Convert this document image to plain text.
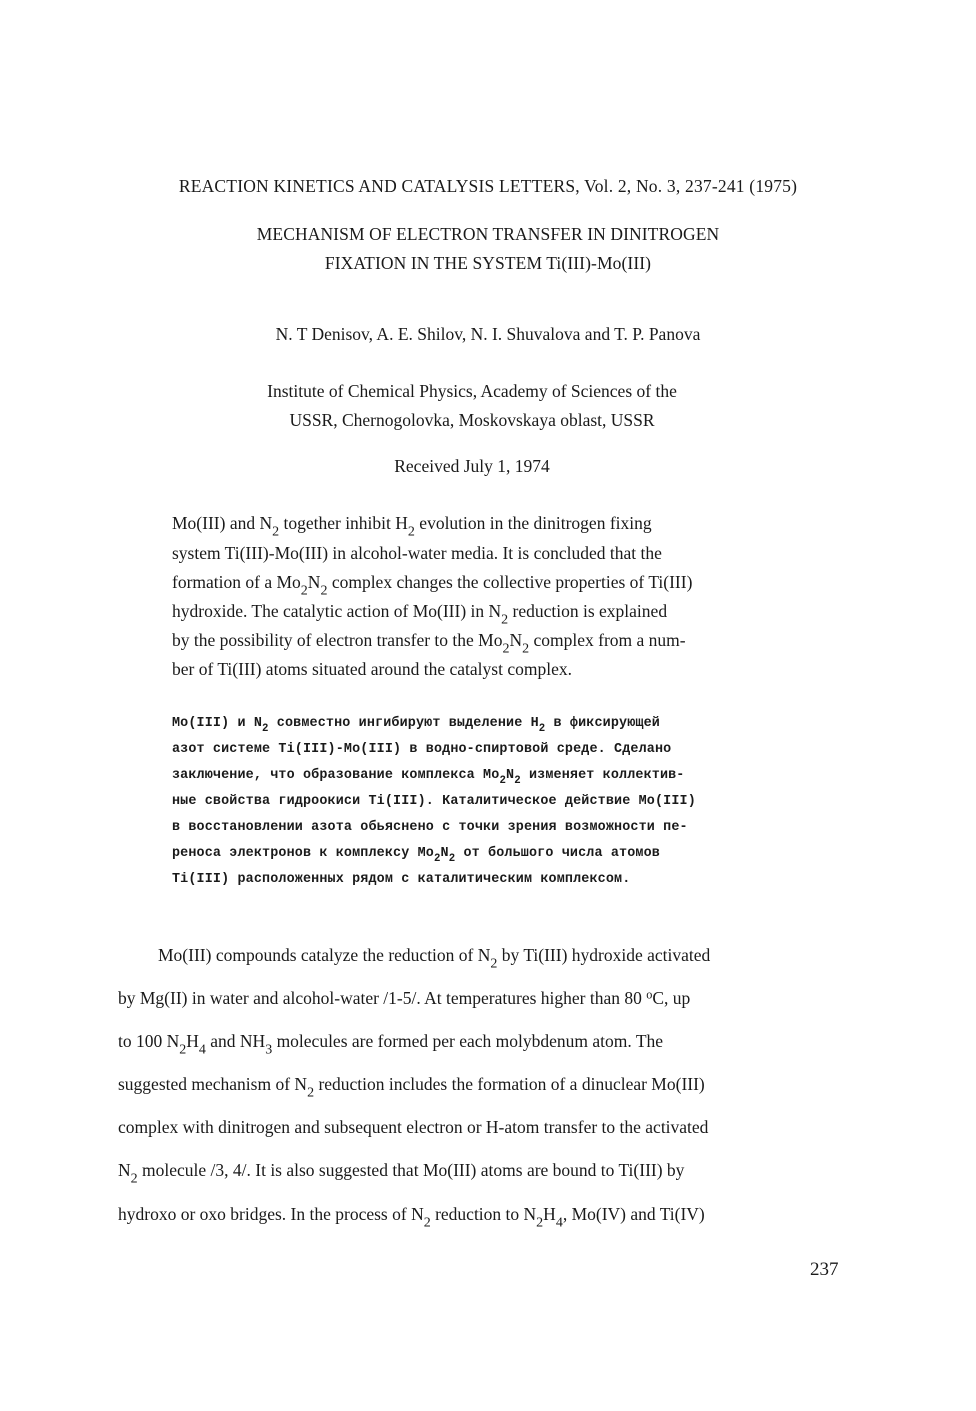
REACTION KINETICS AND CATALYSIS LETTERS, Vol. 2, No. 3, 237-241 (1975)
MECHANISM OF ELECTRON TRANSFER IN DINITROGEN
FIXATION IN THE SYSTEM Ti(III)-Mo(III)
N. T Denisov, A. E. Shilov, N. I. Shuvalova and T. P. Panova
Institute of Chemical Physics, Academy of Sciences of the
USSR, Chernogolovka, Moskovskaya oblast, USSR
Received July 1, 1974
Mo(III) and $N_2$ together inhibit $H_2$ evolution in the dinitrogen fixing
system Ti(III)-Mo(III) in alcohol-water media. It is concluded that the
formation of a $Mo_2N_2$ complex changes the collective properties of Ti(III)
hydroxide. The catalytic action of Mo(III) in $N_2$ reduction is explained
by the possibility of electron transfer to the $Mo_2N_2$ complex from a num-
ber of Ti(III) atoms situated around the catalyst complex.
Mo(III) и $N_2$ совместно ингибируют выделение $H_2$ в фиксирующей
азот системе Ti(III)-Mo(III) в водно-спиртовой среде. Сделано
заключение, что образование комплекса $Mo_2N_2$ изменяет коллектив-
ные свойства гидроокиси Ti(III). Каталитическое действие Mo(III)
в восстановлении азота обьяснено с точки зрения возможности пе-
реноса электронов к комплексу $Mo_2N_2$ от большого числа атомов
Ti(III) расположенных рядом с каталитическим комплексом.
Mo(III) compounds catalyze the reduction of $N_2$ by Ti(III) hydroxide activated
by Mg(II) in water and alcohol-water /1-5/. At temperatures higher than 80 $^o$C, up
to 100 $N_2H_4$ and $NH_3$ molecules are formed per each molybdenum atom. The
suggested mechanism of $N_2$ reduction includes the formation of a dinuclear Mo(III)
complex with dinitrogen and subsequent electron or H-atom transfer to the activated
$N_2$ molecule /3, 4/. It is also suggested that Mo(III) atoms are bound to Ti(III) by
hydroxo or oxo bridges. In the process of $N_2$ reduction to $N_2H_4$, Mo(IV) and Ti(IV)
237
